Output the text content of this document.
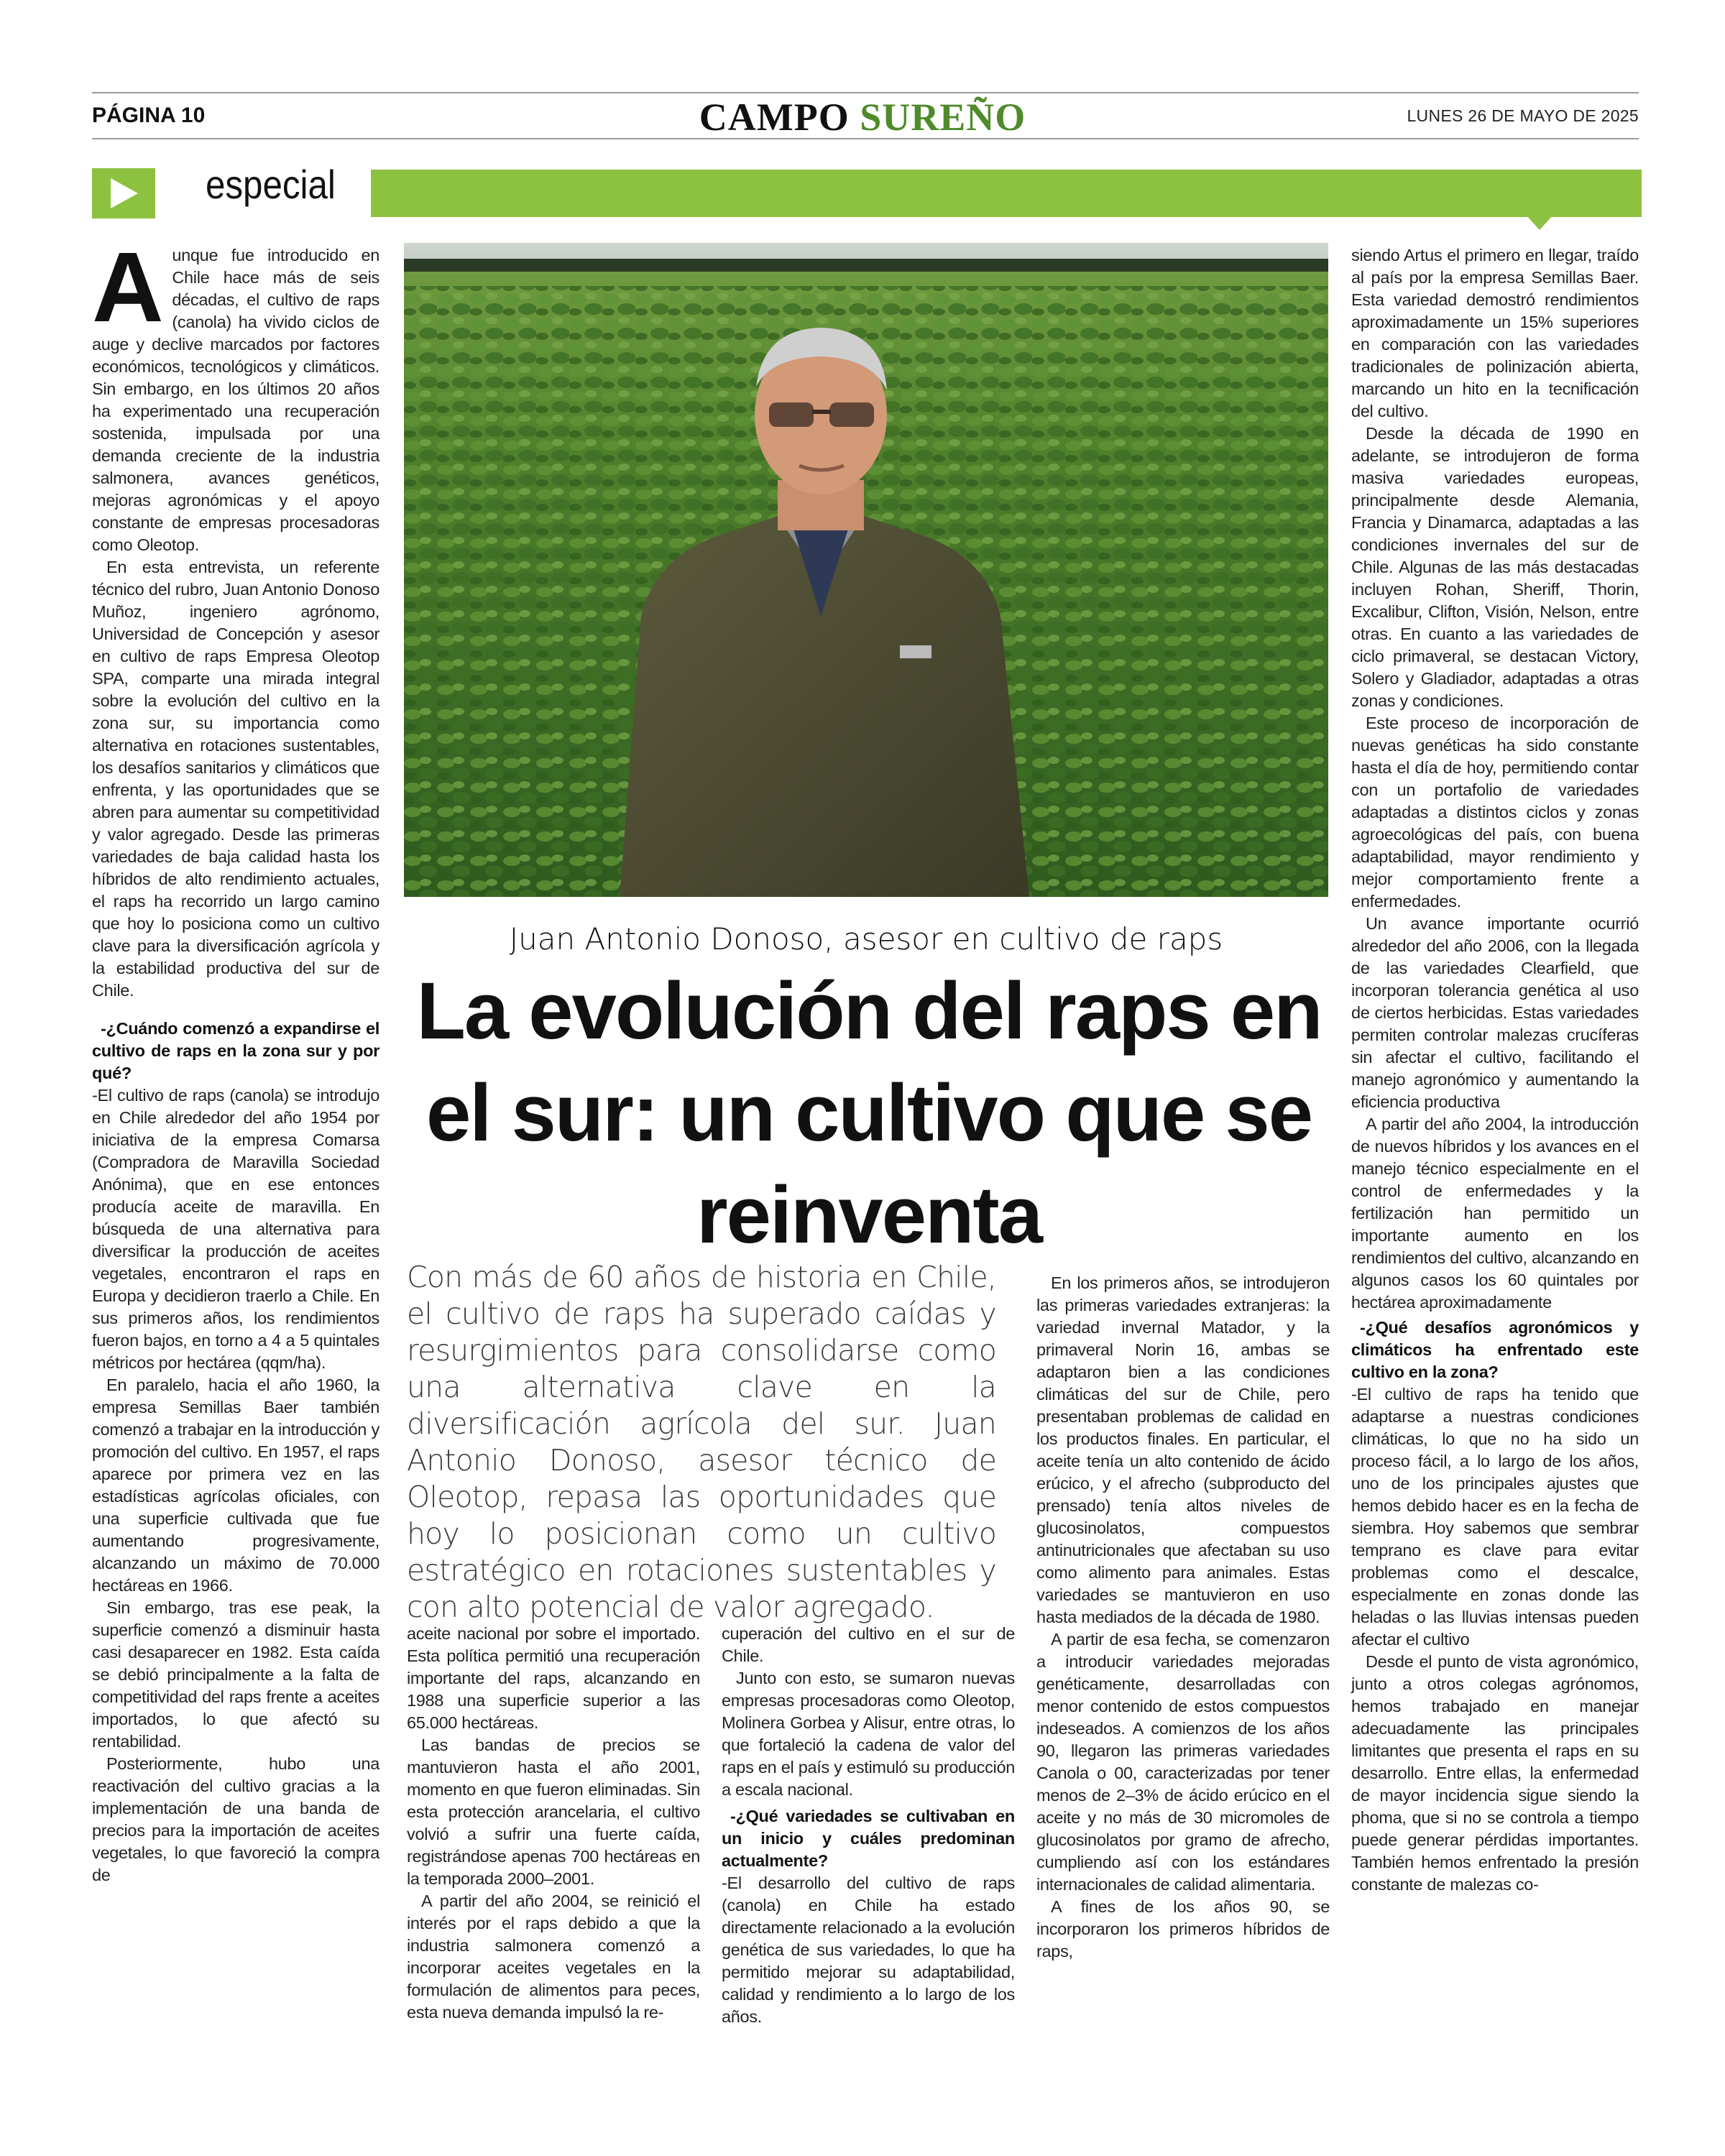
PÁGINA 10	CAMPO SUREÑO	LUNES 26 DE MAYO DE 2025
especial
A unque fue introducido en Chile hace más de seis décadas, el cultivo de raps (canola) ha vivido ciclos de auge y declive marcados por factores económicos, tecnológicos y climáticos. Sin embargo, en los últimos 20 años ha experimentado una recuperación sostenida, impulsada por una demanda creciente de la industria salmonera, avances genéticos, mejoras agronómicas y el apoyo constante de empresas procesadoras como Oleotop.

En esta entrevista, un referente técnico del rubro, Juan Antonio Donoso Muñoz, ingeniero agrónomo, Universidad de Concepción y asesor en cultivo de raps Empresa Oleotop SPA, comparte una mirada integral sobre la evolución del cultivo en la zona sur, su importancia como alternativa en rotaciones sustentables, los desafíos sanitarios y climáticos que enfrenta, y las oportunidades que se abren para aumentar su competitividad y valor agregado. Desde las primeras variedades de baja calidad hasta los híbridos de alto rendimiento actuales, el raps ha recorrido un largo camino que hoy lo posiciona como un cultivo clave para la diversificación agrícola y la estabilidad productiva del sur de Chile.

-¿Cuándo comenzó a expandirse el cultivo de raps en la zona sur y por qué?

-El cultivo de raps (canola) se introdujo en Chile alrededor del año 1954 por iniciativa de la empresa Comarsa (Compradora de Maravilla Sociedad Anónima), que en ese entonces producía aceite de maravilla. En búsqueda de una alternativa para diversificar la producción de aceites vegetales, encontraron el raps en Europa y decidieron traerlo a Chile. En sus primeros años, los rendimientos fueron bajos, en torno a 4 a 5 quintales métricos por hectárea (qqm/ha).

En paralelo, hacia el año 1960, la empresa Semillas Baer también comenzó a trabajar en la introducción y promoción del cultivo. En 1957, el raps aparece por primera vez en las estadísticas agrícolas oficiales, con una superficie cultivada que fue aumentando progresivamente, alcanzando un máximo de 70.000 hectáreas en 1966.

Sin embargo, tras ese peak, la superficie comenzó a disminuir hasta casi desaparecer en 1982. Esta caída se debió principalmente a la falta de competitividad del raps frente a aceites importados, lo que afectó su rentabilidad.

Posteriormente, hubo una reactivación del cultivo gracias a la implementación de una banda de precios para la importación de aceites vegetales, lo que favoreció la compra de

Juan Antonio Donoso, asesor en cultivo de raps
La evolución del raps en el sur: un cultivo que se reinventa
Con más de 60 años de historia en Chile, el cultivo de raps ha superado caídas y resurgimientos para consolidarse como una alternativa clave en la diversificación agrícola del sur. Juan Antonio Donoso, asesor técnico de Oleotop, repasa las oportunidades que hoy lo posicionan como un cultivo estratégico en rotaciones sustentables y con alto potencial de valor agregado.

aceite nacional por sobre el importado. Esta política permitió una recuperación importante del raps, alcanzando en 1988 una superficie superior a las 65.000 hectáreas.

Las bandas de precios se mantuvieron hasta el año 2001, momento en que fueron eliminadas. Sin esta protección arancelaria, el cultivo volvió a sufrir una fuerte caída, registrándose apenas 700 hectáreas en la temporada 2000–2001.

A partir del año 2004, se reinició el interés por el raps debido a que la industria salmonera comenzó a incorporar aceites vegetales en la formulación de alimentos para peces, esta nueva demanda impulsó la re-

cuperación del cultivo en el sur de Chile.

Junto con esto, se sumaron nuevas empresas procesadoras como Oleotop, Molinera Gorbea y Alisur, entre otras, lo que fortaleció la cadena de valor del raps en el país y estimuló su producción a escala nacional.

-¿Qué variedades se cultivaban en un inicio y cuáles predominan actualmente?

-El desarrollo del cultivo de raps (canola) en Chile ha estado directamente relacionado a la evolución genética de sus variedades, lo que ha permitido mejorar su adaptabilidad, calidad y rendimiento a lo largo de los años.

En los primeros años, se introdujeron las primeras variedades extranjeras: la variedad invernal Matador, y la primaveral Norin 16, ambas se adaptaron bien a las condiciones climáticas del sur de Chile, pero presentaban problemas de calidad en los productos finales. En particular, el aceite tenía un alto contenido de ácido erúcico, y el afrecho (subproducto del prensado) tenía altos niveles de glucosinolatos, compuestos antinutricionales que afectaban su uso como alimento para animales. Estas variedades se mantuvieron en uso hasta mediados de la década de 1980.

A partir de esa fecha, se comenzaron a introducir variedades mejoradas genéticamente, desarrolladas con menor contenido de estos compuestos indeseados. A comienzos de los años 90, llegaron las primeras variedades Canola o 00, caracterizadas por tener menos de 2–3% de ácido erúcico en el aceite y no más de 30 micromoles de glucosinolatos por gramo de afrecho, cumpliendo así con los estándares internacionales de calidad alimentaria.

A fines de los años 90, se incorporaron los primeros híbridos de raps,

siendo Artus el primero en llegar, traído al país por la empresa Semillas Baer. Esta variedad demostró rendimientos aproximadamente un 15% superiores en comparación con las variedades tradicionales de polinización abierta, marcando un hito en la tecnificación del cultivo.

Desde la década de 1990 en adelante, se introdujeron de forma masiva variedades europeas, principalmente desde Alemania, Francia y Dinamarca, adaptadas a las condiciones invernales del sur de Chile. Algunas de las más destacadas incluyen Rohan, Sheriff, Thorin, Excalibur, Clifton, Visión, Nelson, entre otras. En cuanto a las variedades de ciclo primaveral, se destacan Victory, Solero y Gladiador, adaptadas a otras zonas y condiciones.

Este proceso de incorporación de nuevas genéticas ha sido constante hasta el día de hoy, permitiendo contar con un portafolio de variedades adaptadas a distintos ciclos y zonas agroecológicas del país, con buena adaptabilidad, mayor rendimiento y mejor comportamiento frente a enfermedades.

Un avance importante ocurrió alrededor del año 2006, con la llegada de las variedades Clearfield, que incorporan tolerancia genética al uso de ciertos herbicidas. Estas variedades permiten controlar malezas crucíferas sin afectar el cultivo, facilitando el manejo agronómico y aumentando la eficiencia productiva

A partir del año 2004, la introducción de nuevos híbridos y los avances en el manejo técnico especialmente en el control de enfermedades y la fertilización han permitido un importante aumento en los rendimientos del cultivo, alcanzando en algunos casos los 60 quintales por hectárea aproximadamente

-¿Qué desafíos agronómicos y climáticos ha enfrentado este cultivo en la zona?

-El cultivo de raps ha tenido que adaptarse a nuestras condiciones climáticas, lo que no ha sido un proceso fácil, a lo largo de los años, uno de los principales ajustes que hemos debido hacer es en la fecha de siembra. Hoy sabemos que sembrar temprano es clave para evitar problemas como el descalce, especialmente en zonas donde las heladas o las lluvias intensas pueden afectar el cultivo

Desde el punto de vista agronómico, junto a otros colegas agrónomos, hemos trabajado en manejar adecuadamente las principales limitantes que presenta el raps en su desarrollo. Entre ellas, la enfermedad de mayor incidencia sigue siendo la phoma, que si no se controla a tiempo puede generar pérdidas importantes. También hemos enfrentado la presión constante de malezas co-
